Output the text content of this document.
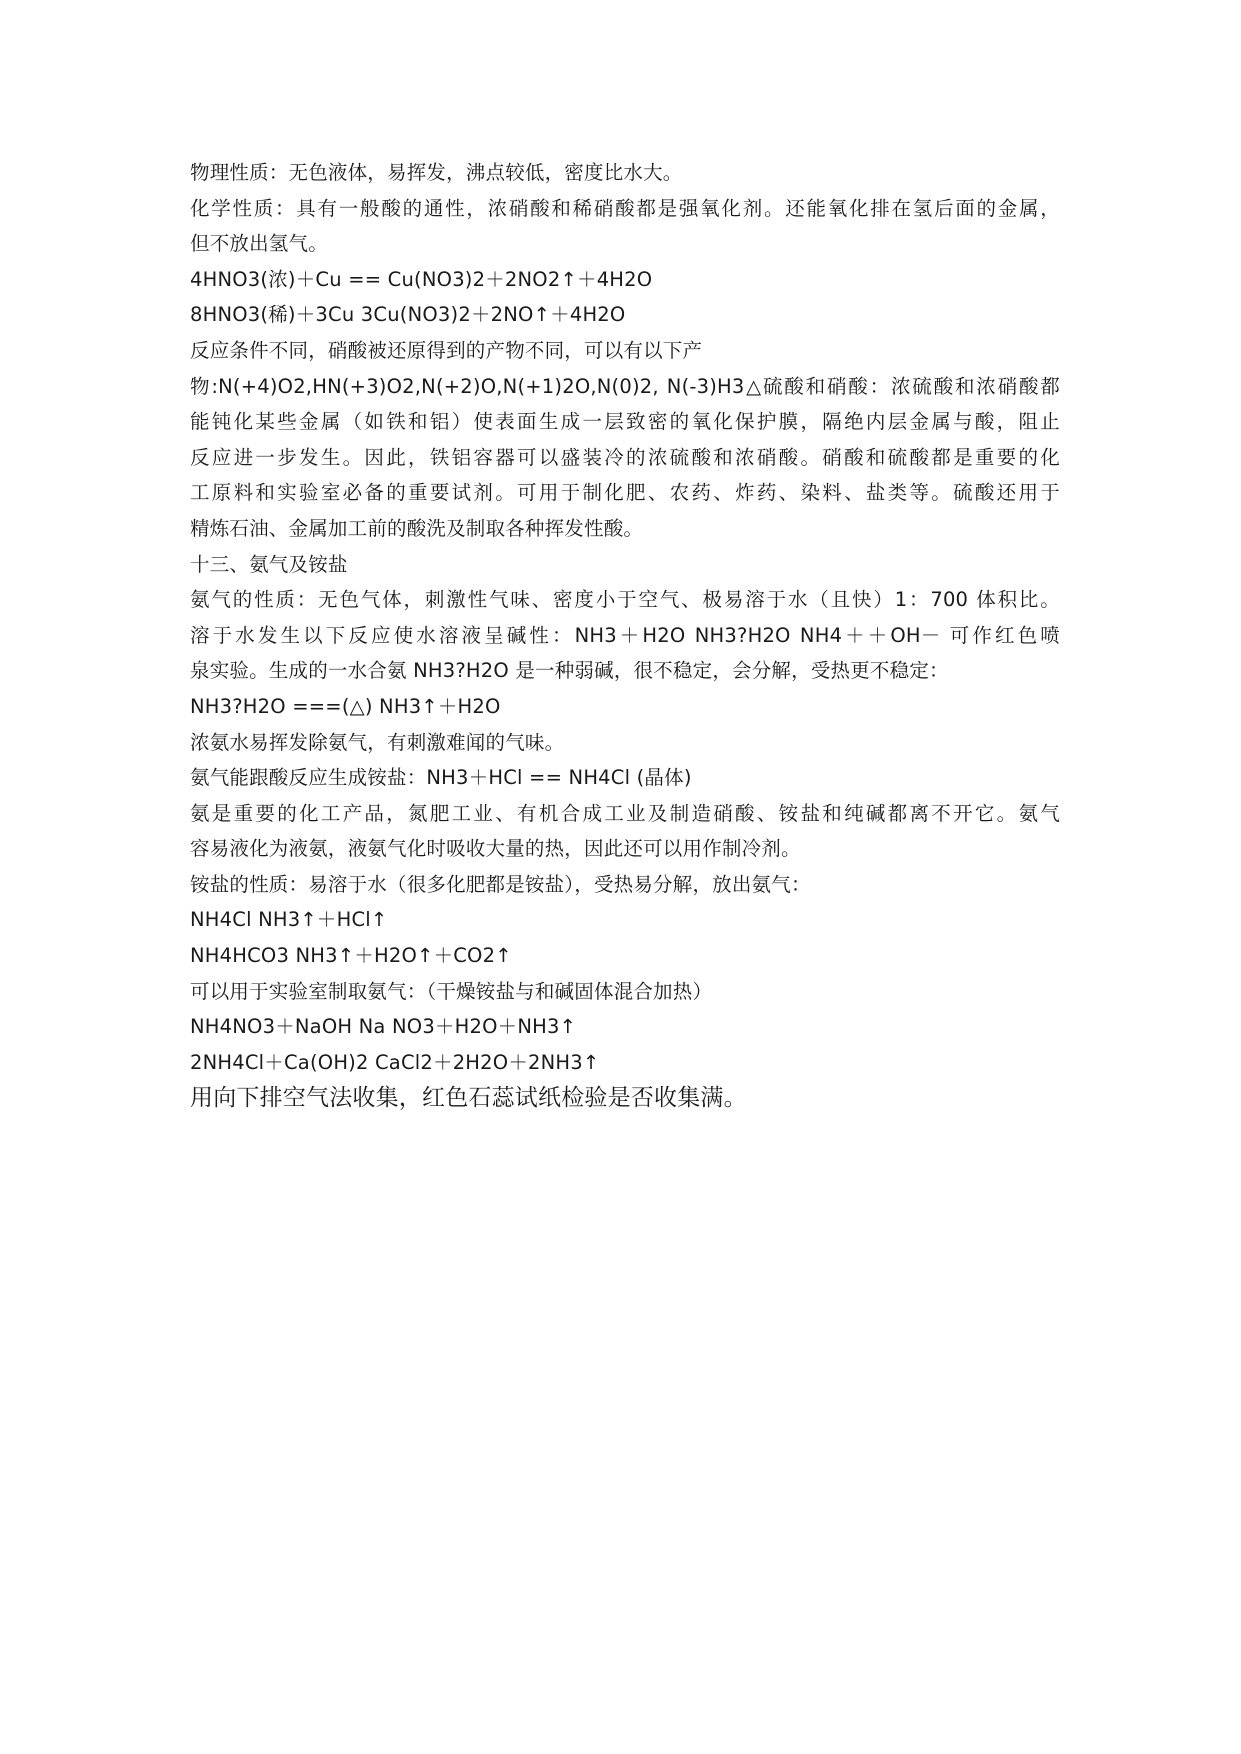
物理性质：无色液体，易挥发，沸点较低，密度比水大。
化学性质：具有一般酸的通性，浓硝酸和稀硝酸都是强氧化剂。还能氧化排在氢后面的金属，
但不放出氢气。
4HNO3(浓)＋Cu == Cu(NO3)2＋2NO2↑＋4H2O
8HNO3(稀)＋3Cu 3Cu(NO3)2＋2NO↑＋4H2O
反应条件不同，硝酸被还原得到的产物不同，可以有以下产
物:N(+4)O2,HN(+3)O2,N(+2)O,N(+1)2O,N(0)2, N(-3)H3△硫酸和硝酸：浓硫酸和浓硝酸都
能钝化某些金属（如铁和铝）使表面生成一层致密的氧化保护膜，隔绝内层金属与酸，阻止
反应进一步发生。因此，铁铝容器可以盛装冷的浓硫酸和浓硝酸。硝酸和硫酸都是重要的化
工原料和实验室必备的重要试剂。可用于制化肥、农药、炸药、染料、盐类等。硫酸还用于
精炼石油、金属加工前的酸洗及制取各种挥发性酸。
十三、氨气及铵盐
氨气的性质：无色气体，刺激性气味、密度小于空气、极易溶于水（且快）1：700 体积比。
溶于水发生以下反应使水溶液呈碱性：NH3＋H2O NH3?H2O NH4＋＋OH－ 可作红色喷
泉实验。生成的一水合氨 NH3?H2O 是一种弱碱，很不稳定，会分解，受热更不稳定：
NH3?H2O ===(△) NH3↑＋H2O
浓氨水易挥发除氨气，有刺激难闻的气味。
氨气能跟酸反应生成铵盐：NH3＋HCl == NH4Cl (晶体)
氨是重要的化工产品，氮肥工业、有机合成工业及制造硝酸、铵盐和纯碱都离不开它。氨气
容易液化为液氨，液氨气化时吸收大量的热，因此还可以用作制冷剂。
铵盐的性质：易溶于水（很多化肥都是铵盐），受热易分解，放出氨气：
NH4Cl NH3↑＋HCl↑
NH4HCO3 NH3↑＋H2O↑＋CO2↑
可以用于实验室制取氨气：（干燥铵盐与和碱固体混合加热）
NH4NO3＋NaOH Na NO3＋H2O＋NH3↑
2NH4Cl＋Ca(OH)2 CaCl2＋2H2O＋2NH3↑
用向下排空气法收集，红色石蕊试纸检验是否收集满。
